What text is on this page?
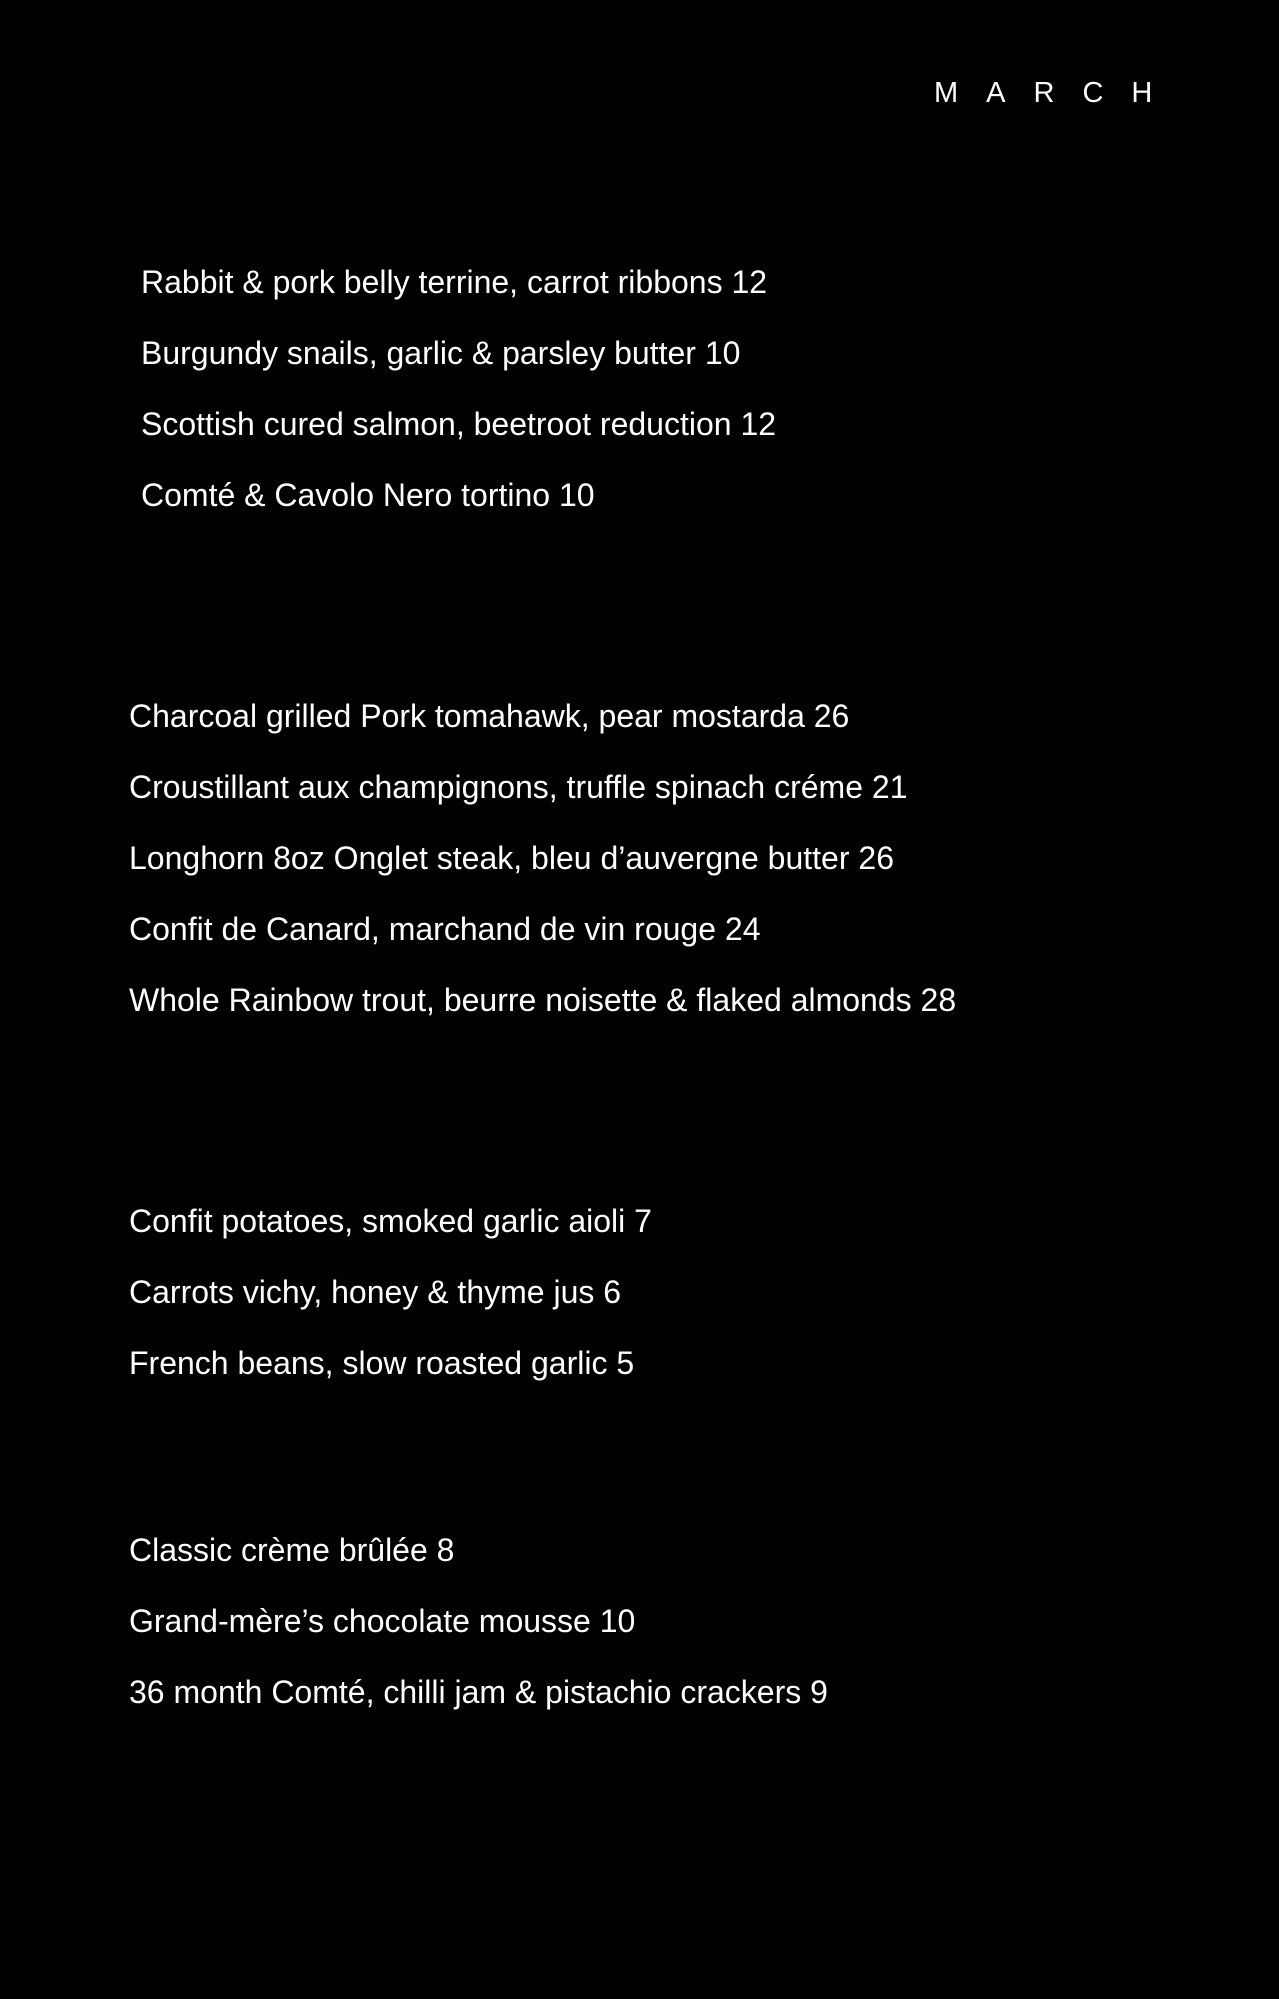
MARCH
Rabbit & pork belly terrine, carrot ribbons 12
Burgundy snails, garlic & parsley butter 10
Scottish cured salmon, beetroot reduction 12
Comté & Cavolo Nero tortino 10
Charcoal grilled Pork tomahawk, pear mostarda 26
Croustillant aux champignons, truffle spinach créme 21
Longhorn 8oz Onglet steak, bleu d’auvergne butter 26
Confit de Canard, marchand de vin rouge 24
Whole Rainbow trout, beurre noisette & flaked almonds 28
Confit potatoes, smoked garlic aioli 7
Carrots vichy, honey & thyme jus 6
French beans, slow roasted garlic 5
Classic crème brûlée 8
Grand-mère’s chocolate mousse 10
36 month Comté, chilli jam & pistachio crackers 9
